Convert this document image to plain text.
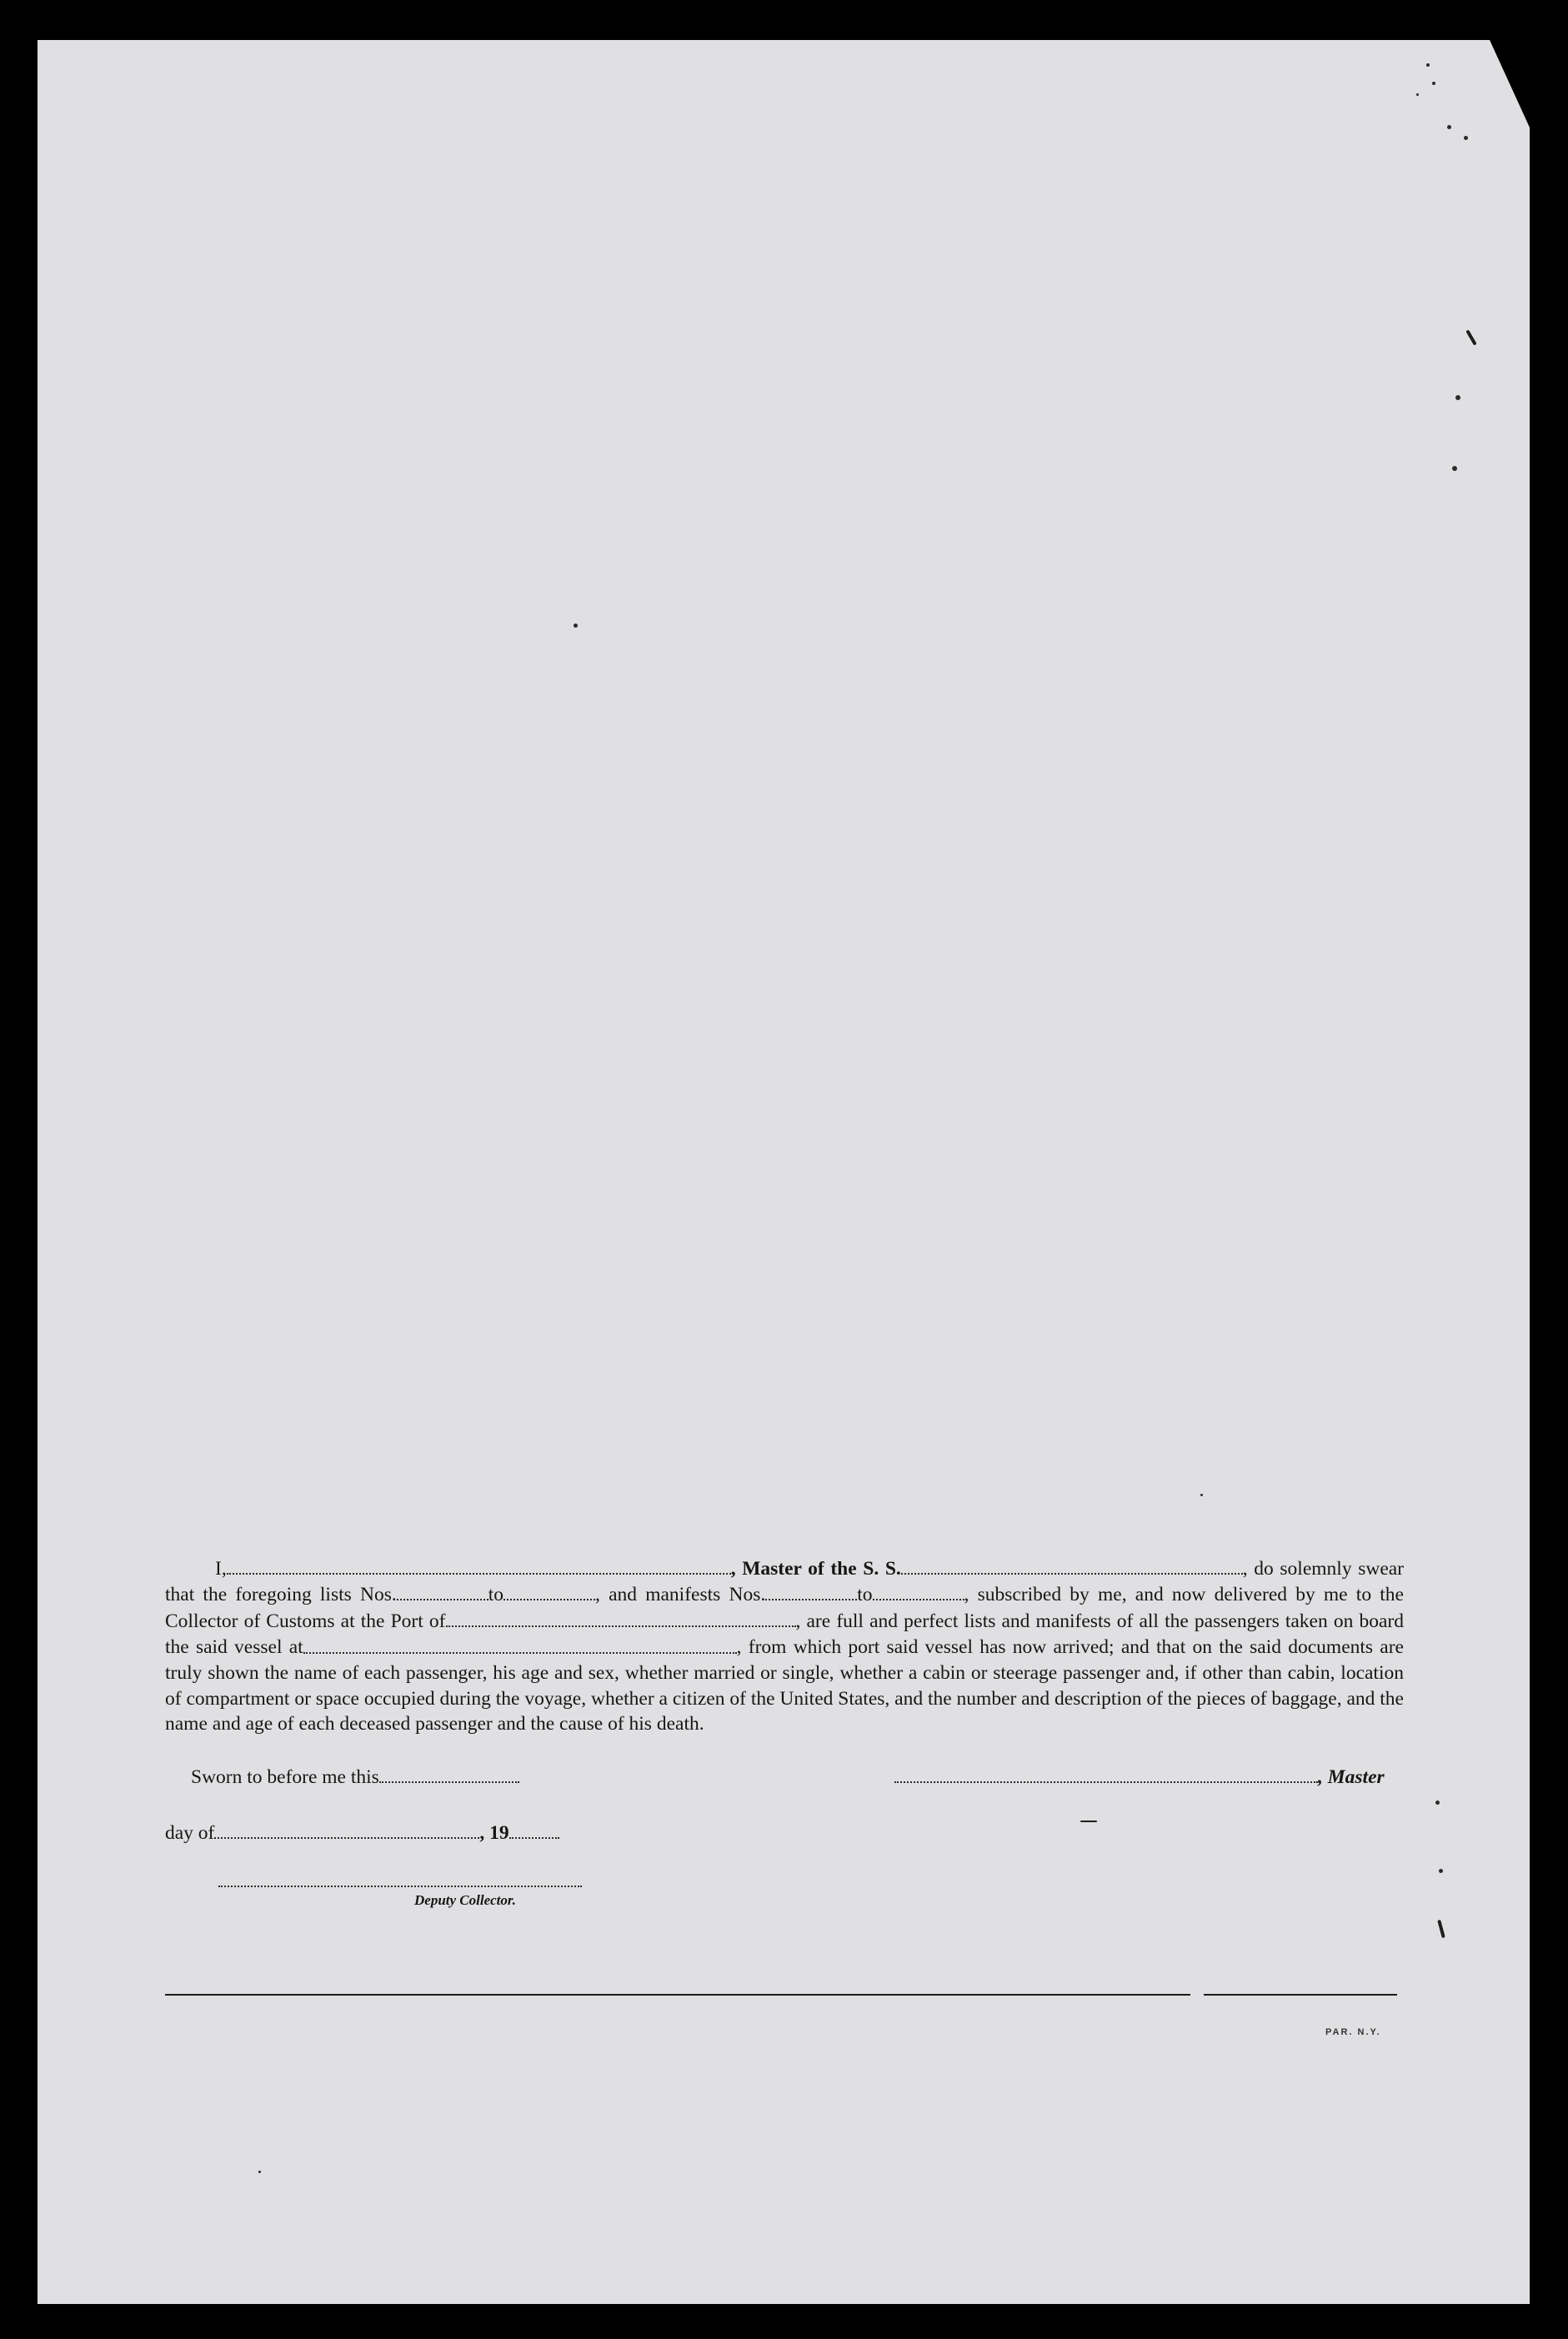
I,	, Master of the S. S.	, do solemnly swear that the foregoing lists Nos.	to	, and manifests Nos.	to	, subscribed by me, and now delivered by me to the Collector of Customs at the Port of	, are full and perfect lists and manifests of all the passengers taken on board the said vessel at	, from which port said vessel has now arrived; and that on the said documents are truly shown the name of each passenger, his age and sex, whether married or single, whether a cabin or steerage passenger and, if other than cabin, location of compartment or space occupied during the voyage, whether a citizen of the United States, and the number and description of the pieces of baggage, and the name and age of each deceased passenger and the cause of his death.

Sworn to before me this	, Master
day of	, 19
Deputy Collector.
PAR. N.Y.
